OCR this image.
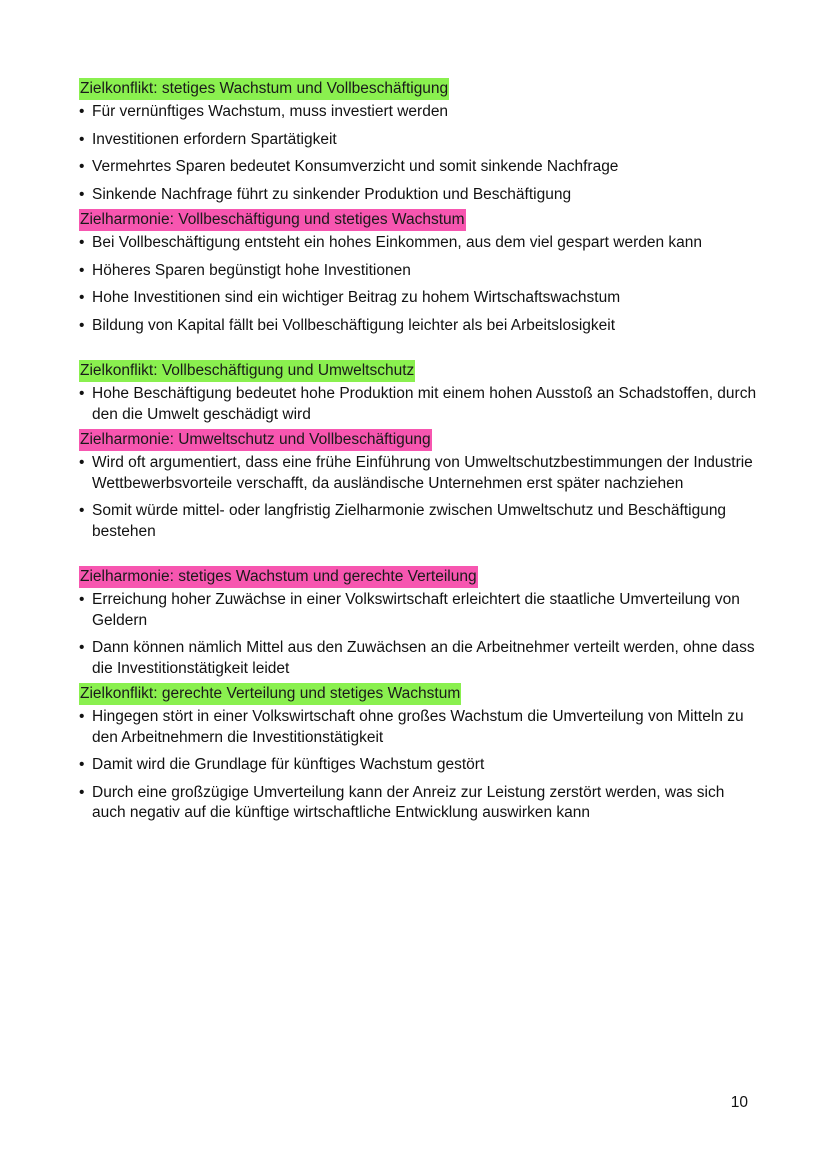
Zielkonflikt: stetiges Wachstum und Vollbeschäftigung
• Für vernünftiges Wachstum, muss investiert werden
• Investitionen erfordern Spartätigkeit
• Vermehrtes Sparen bedeutet Konsumverzicht und somit sinkende Nachfrage
• Sinkende Nachfrage führt zu sinkender Produktion und Beschäftigung
Zielharmonie: Vollbeschäftigung und stetiges Wachstum
• Bei Vollbeschäftigung entsteht ein hohes Einkommen, aus dem viel gespart werden kann
• Höheres Sparen begünstigt hohe Investitionen
• Hohe Investitionen sind ein wichtiger Beitrag zu hohem Wirtschaftswachstum
• Bildung von Kapital fällt bei Vollbeschäftigung leichter als bei Arbeitslosigkeit
Zielkonflikt: Vollbeschäftigung und Umweltschutz
• Hohe Beschäftigung bedeutet hohe Produktion mit einem hohen Ausstoß an Schadstoffen, durch den die Umwelt geschädigt wird
Zielharmonie: Umweltschutz und Vollbeschäftigung
• Wird oft argumentiert, dass eine frühe Einführung von Umweltschutzbestimmungen der Industrie Wettbewerbsvorteile verschafft, da ausländische Unternehmen erst später nachziehen
• Somit würde mittel- oder langfristig Zielharmonie zwischen Umweltschutz und Beschäftigung bestehen
Zielharmonie: stetiges Wachstum und gerechte Verteilung
• Erreichung hoher Zuwächse in einer Volkswirtschaft erleichtert die staatliche Umverteilung von Geldern
• Dann können nämlich Mittel aus den Zuwächsen an die Arbeitnehmer verteilt werden, ohne dass die Investitionstätigkeit leidet
Zielkonflikt: gerechte Verteilung und stetiges Wachstum
• Hingegen stört in einer Volkswirtschaft ohne großes Wachstum die Umverteilung von Mitteln zu den Arbeitnehmern die Investitionstätigkeit
• Damit wird die Grundlage für künftiges Wachstum gestört
• Durch eine großzügige Umverteilung kann der Anreiz zur Leistung zerstört werden, was sich auch negativ auf die künftige wirtschaftliche Entwicklung auswirken kann
10
